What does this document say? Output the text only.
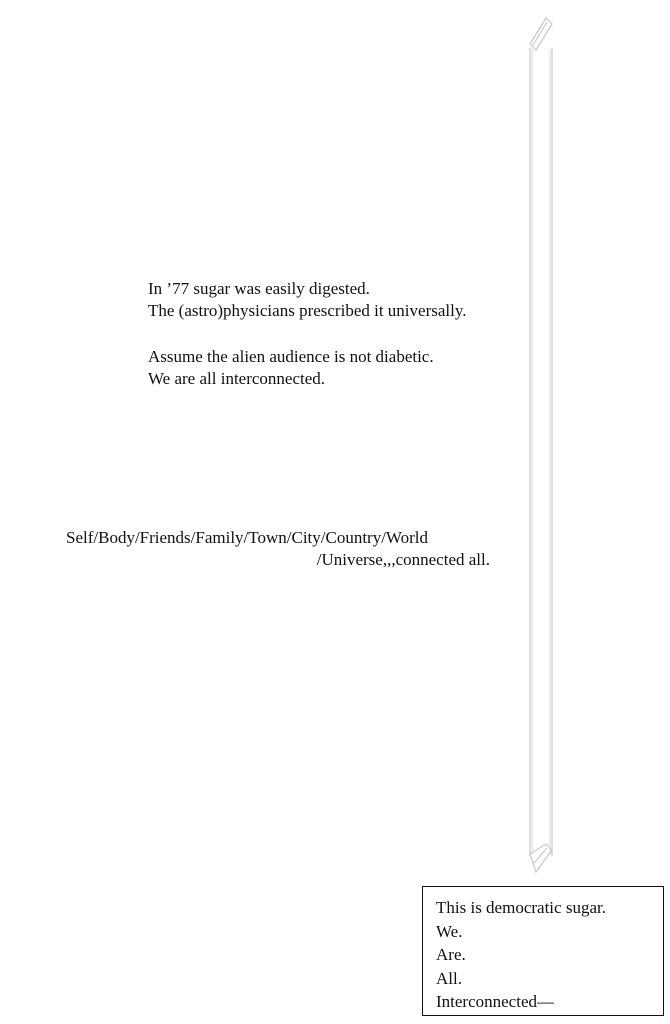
In ’77 sugar was easily digested.
The (astro)physicians prescribed it universally.
Assume the alien audience is not diabetic.
We are all interconnected.
Self/Body/Friends/Family/Town/City/Country/World
/Universe,,,connected all.
This is democratic sugar.
We.
Are.
All.
Interconnected—
